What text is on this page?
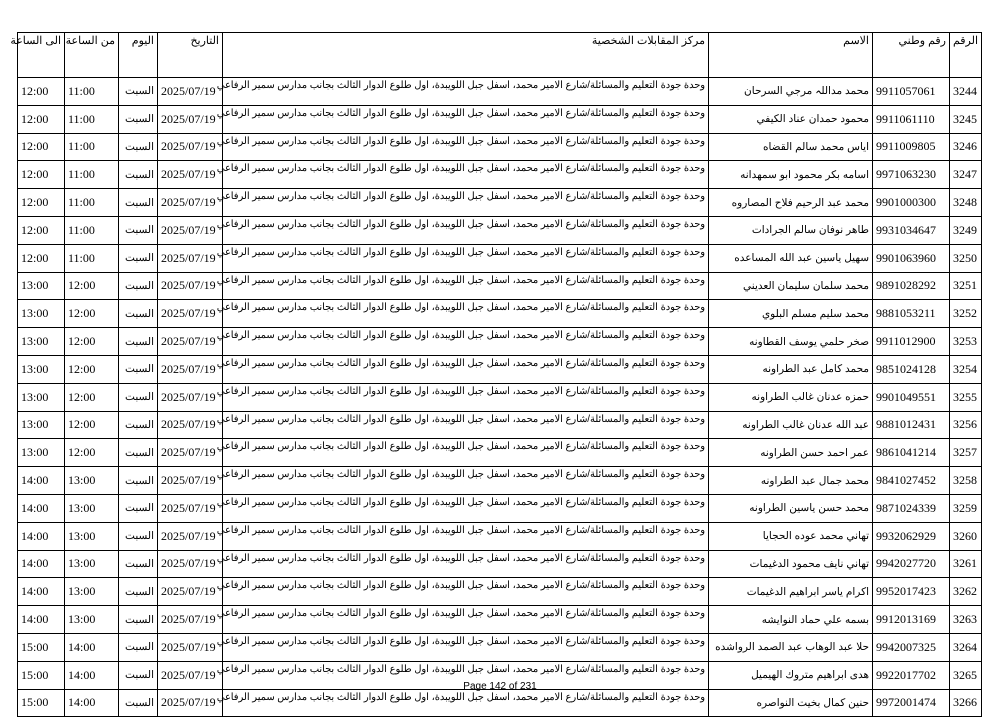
الرقم	رقم وطني	الاسم	مركز المقابلات الشخصية	التاريخ	اليوم	من الساعة	الى الساعة
3244	9911057061	محمد مداللہ مرجي السرحان	وحدة جودة التعليم والمسائلة/شارع الامير محمد، اسفل جبل اللويبدة، اول طلوع الدوار الثالث بجانب مدارس سمير الرفاعي	2025/07/19	السبت	11:00	12:00
3245	9911061110	محمود حمدان عناد الكيفي	وحدة جودة التعليم والمسائلة/شارع الامير محمد، اسفل جبل اللويبدة، اول طلوع الدوار الثالث بجانب مدارس سمير الرفاعي	2025/07/19	السبت	11:00	12:00
3246	9911009805	اياس محمد سالم القضاه	وحدة جودة التعليم والمسائلة/شارع الامير محمد، اسفل جبل اللويبدة، اول طلوع الدوار الثالث بجانب مدارس سمير الرفاعي	2025/07/19	السبت	11:00	12:00
3247	9971063230	اسامه بكر محمود ابو سمهدانه	وحدة جودة التعليم والمسائلة/شارع الامير محمد، اسفل جبل اللويبدة، اول طلوع الدوار الثالث بجانب مدارس سمير الرفاعي	2025/07/19	السبت	11:00	12:00
3248	9901000300	محمد عبد الرحيم فلاح المصاروه	وحدة جودة التعليم والمسائلة/شارع الامير محمد، اسفل جبل اللويبدة، اول طلوع الدوار الثالث بجانب مدارس سمير الرفاعي	2025/07/19	السبت	11:00	12:00
3249	9931034647	طاهر نوفان سالم الجرادات	وحدة جودة التعليم والمسائلة/شارع الامير محمد، اسفل جبل اللويبدة، اول طلوع الدوار الثالث بجانب مدارس سمير الرفاعي	2025/07/19	السبت	11:00	12:00
3250	9901063960	سهيل ياسين عبد الله المساعده	وحدة جودة التعليم والمسائلة/شارع الامير محمد، اسفل جبل اللويبدة، اول طلوع الدوار الثالث بجانب مدارس سمير الرفاعي	2025/07/19	السبت	11:00	12:00
3251	9891028292	محمد سلمان سليمان العديني	وحدة جودة التعليم والمسائلة/شارع الامير محمد، اسفل جبل اللويبدة، اول طلوع الدوار الثالث بجانب مدارس سمير الرفاعي	2025/07/19	السبت	12:00	13:00
3252	9881053211	محمد سليم مسلم البلوي	وحدة جودة التعليم والمسائلة/شارع الامير محمد، اسفل جبل اللويبدة، اول طلوع الدوار الثالث بجانب مدارس سمير الرفاعي	2025/07/19	السبت	12:00	13:00
3253	9911012900	صخر حلمي يوسف القطاونه	وحدة جودة التعليم والمسائلة/شارع الامير محمد، اسفل جبل اللويبدة، اول طلوع الدوار الثالث بجانب مدارس سمير الرفاعي	2025/07/19	السبت	12:00	13:00
3254	9851024128	محمد كامل عبد الطراونه	وحدة جودة التعليم والمسائلة/شارع الامير محمد، اسفل جبل اللويبدة، اول طلوع الدوار الثالث بجانب مدارس سمير الرفاعي	2025/07/19	السبت	12:00	13:00
3255	9901049551	حمزه عدنان غالب الطراونه	وحدة جودة التعليم والمسائلة/شارع الامير محمد، اسفل جبل اللويبدة، اول طلوع الدوار الثالث بجانب مدارس سمير الرفاعي	2025/07/19	السبت	12:00	13:00
3256	9881012431	عبد الله عدنان غالب الطراونه	وحدة جودة التعليم والمسائلة/شارع الامير محمد، اسفل جبل اللويبدة، اول طلوع الدوار الثالث بجانب مدارس سمير الرفاعي	2025/07/19	السبت	12:00	13:00
3257	9861041214	عمر احمد حسن الطراونه	وحدة جودة التعليم والمسائلة/شارع الامير محمد، اسفل جبل اللويبدة، اول طلوع الدوار الثالث بجانب مدارس سمير الرفاعي	2025/07/19	السبت	12:00	13:00
3258	9841027452	محمد جمال عبد الطراونه	وحدة جودة التعليم والمسائلة/شارع الامير محمد، اسفل جبل اللويبدة، اول طلوع الدوار الثالث بجانب مدارس سمير الرفاعي	2025/07/19	السبت	13:00	14:00
3259	9871024339	محمد حسن ياسين الطراونه	وحدة جودة التعليم والمسائلة/شارع الامير محمد، اسفل جبل اللويبدة، اول طلوع الدوار الثالث بجانب مدارس سمير الرفاعي	2025/07/19	السبت	13:00	14:00
3260	9932062929	تهاني محمد عوده الحجايا	وحدة جودة التعليم والمسائلة/شارع الامير محمد، اسفل جبل اللويبدة، اول طلوع الدوار الثالث بجانب مدارس سمير الرفاعي	2025/07/19	السبت	13:00	14:00
3261	9942027720	تهاني نايف محمود الدغيمات	وحدة جودة التعليم والمسائلة/شارع الامير محمد، اسفل جبل اللويبدة، اول طلوع الدوار الثالث بجانب مدارس سمير الرفاعي	2025/07/19	السبت	13:00	14:00
3262	9952017423	اكرام ياسر ابراهيم الدغيمات	وحدة جودة التعليم والمسائلة/شارع الامير محمد، اسفل جبل اللويبدة، اول طلوع الدوار الثالث بجانب مدارس سمير الرفاعي	2025/07/19	السبت	13:00	14:00
3263	9912013169	بسمه علي حماد النوايشه	وحدة جودة التعليم والمسائلة/شارع الامير محمد، اسفل جبل اللويبدة، اول طلوع الدوار الثالث بجانب مدارس سمير الرفاعي	2025/07/19	السبت	13:00	14:00
3264	9942007325	حلا عبد الوهاب عبد الصمد الرواشده	وحدة جودة التعليم والمسائلة/شارع الامير محمد، اسفل جبل اللويبدة، اول طلوع الدوار الثالث بجانب مدارس سمير الرفاعي	2025/07/19	السبت	14:00	15:00
3265	9922017702	هدى ابراهيم متروك الهيميل	وحدة جودة التعليم والمسائلة/شارع الامير محمد، اسفل جبل اللويبدة، اول طلوع الدوار الثالث بجانب مدارس سمير الرفاعي	2025/07/19	السبت	14:00	15:00
3266	9972001474	حنين كمال بخيت النواصره	وحدة جودة التعليم والمسائلة/شارع الامير محمد، اسفل جبل اللويبدة، اول طلوع الدوار الثالث بجانب مدارس سمير الرفاعي	2025/07/19	السبت	14:00	15:00
Page 142 of 231
